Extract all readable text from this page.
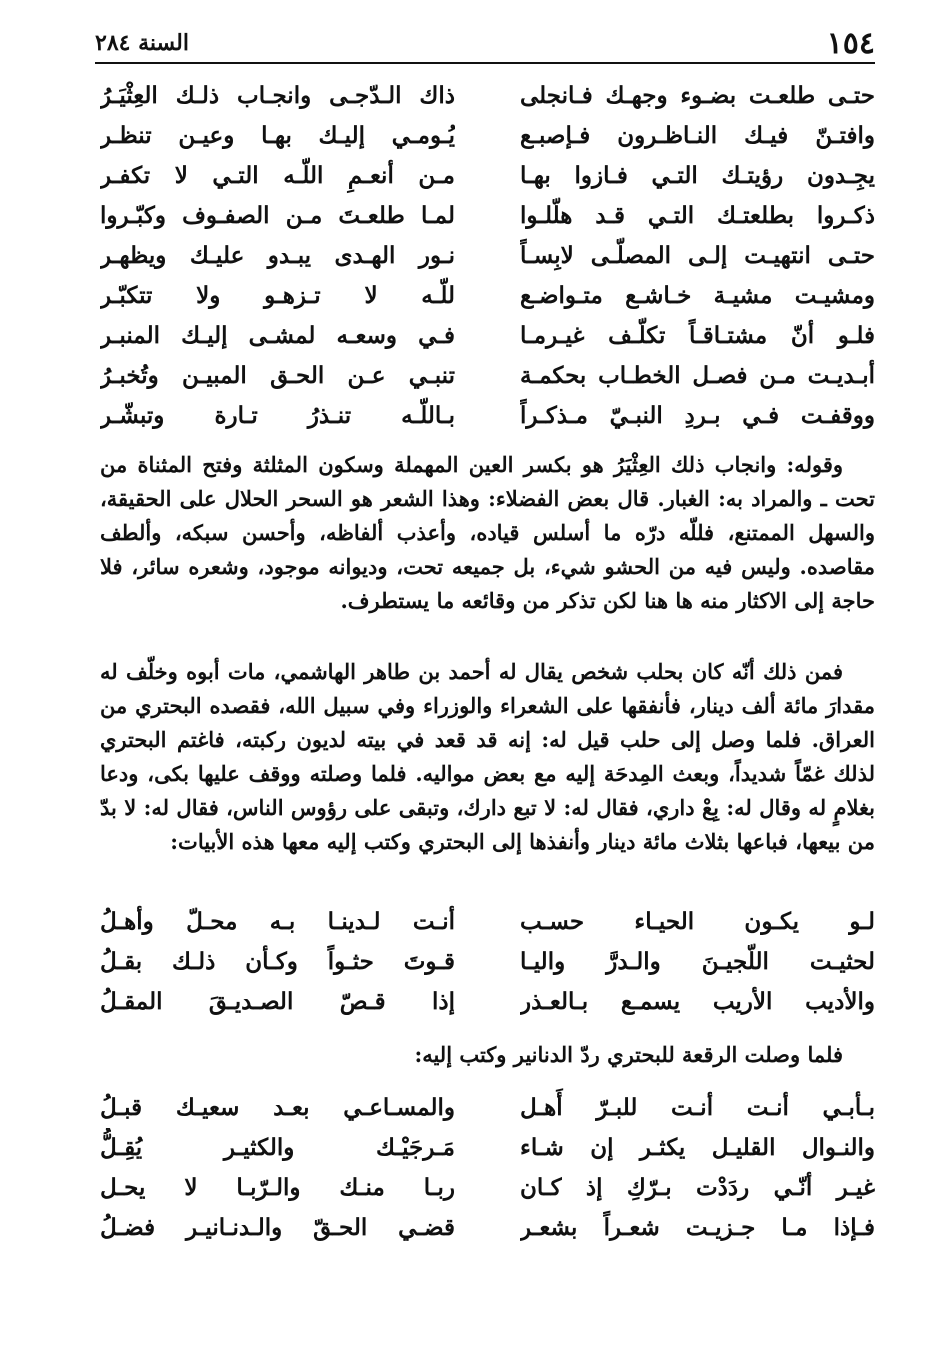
١٥٤
السنة ٢٨٤
حتـى طلعـت بضـوء وجهـك فـانجلى
ذاك الـدّجـى وانجـاب ذلـك العِثْيَـرُ
وافتـنّ فيـك النـاظـرون فـإصبـع
يُـومـي إليـك بهـا وعيـن تنظـر
يجِـدون رؤيتـك التـي فـازوا بهـا
مـن أنعـمِ اللّـه التـي لا تكفـر
ذكـروا بطلعتـك التـي قـد هلّلـوا
لمـا طلعـتَ مـن الصفـوف وكبّـروا
حتـى انتهيـت إلـى المصلّـى لابِسـاً
نـور الهـدى يبـدو عليـك ويظهـر
ومشيـت مشيـة خـاشـع متـواضـع
للّـه لا تـزهـو ولا تتكبّـر
فلـو أنّ مشتـاقـاً تكلّـف غيـرمـا
فـي وسعـه لمشـى إليـك المنبـر
أبـديـت مـن فصـل الخطـاب بحكمـة
تنبـي عـن الحـق المبيـن وتُخبـرُ
ووقفـت فـي بـردِ النبـيّ مـذكـراً
بـاللّـه تنـذرُ تـارة وتبشّـر

وقوله: وانجاب ذلك العِثْيَرُ هو بكسر العين المهملة وسكون المثلثة وفتح المثناة من تحت ـ والمراد به: الغبار. قال بعض الفضلاء: وهذا الشعر هو السحر الحلال على الحقيقة، والسهل الممتنع، فللّه درّه ما أسلس قياده، وأعذب ألفاظه، وأحسن سبكه، وألطف مقاصده. وليس فيه من الحشو شيء، بل جميعه تحت، وديوانه موجود، وشعره سائر، فلا حاجة إلى الاكثار منه ها هنا لكن تذكر من وقائعه ما يستطرف.

فمن ذلك أنّه كان بحلب شخص يقال له أحمد بن طاهر الهاشمي، مات أبوه وخلّف له مقدارَ مائة ألف دينار، فأنفقها على الشعراء والوزراء وفي سبيل الله، فقصده البحتري من العراق. فلما وصل إلى حلب قيل له: إنه قد قعد في بيته لديون ركبته، فاغتم البحتري لذلك غمّاً شديداً، وبعث المِدحَة إليه مع بعض مواليه. فلما وصلته ووقف عليها بكى، ودعا بغلامٍ له وقال له: بِعْ داري، فقال له: لا تبع دارك، وتبقى على رؤوس الناس، فقال له: لا بدّ من بيعها، فباعها بثلاث مائة دينار وأنفذها إلى البحتري وكتب إليه معها هذه الأبيات:

لـو يكـون الحيـاء حسـب
أنـت لـدينـا بـه محـلّ وأهـلُ
لحثيـت اللّجيـنَ والـدرَّ واليـا
قـوتَ حثـواً وكـأن ذلـك بقـلُ
والأديب الأريب يسمـع بـالعـذر
إذا قـصّ الصـديـقَ المقـلُ

فلما وصلت الرقعة للبحتري ردّ الدنانير وكتب إليه:

بـأبـي أنـت أنـت للبـرّ أَهـل
والمسـاعـي بعـد سعيـك قبـلُ
والنـوال القليـل يكثـر إن شـاء
مَـرجَيْـك والكثيـر يُقِـلُّ
غيـر أنّـي ردَدْت بـرّكِ إذ كـان
ربـا منـك والـرّبـا لا يحـل
فـإذا مـا جـزيـت شعـراً بشعـر
قضـي الحـقّ والـدنـانيـر فضـلُ
